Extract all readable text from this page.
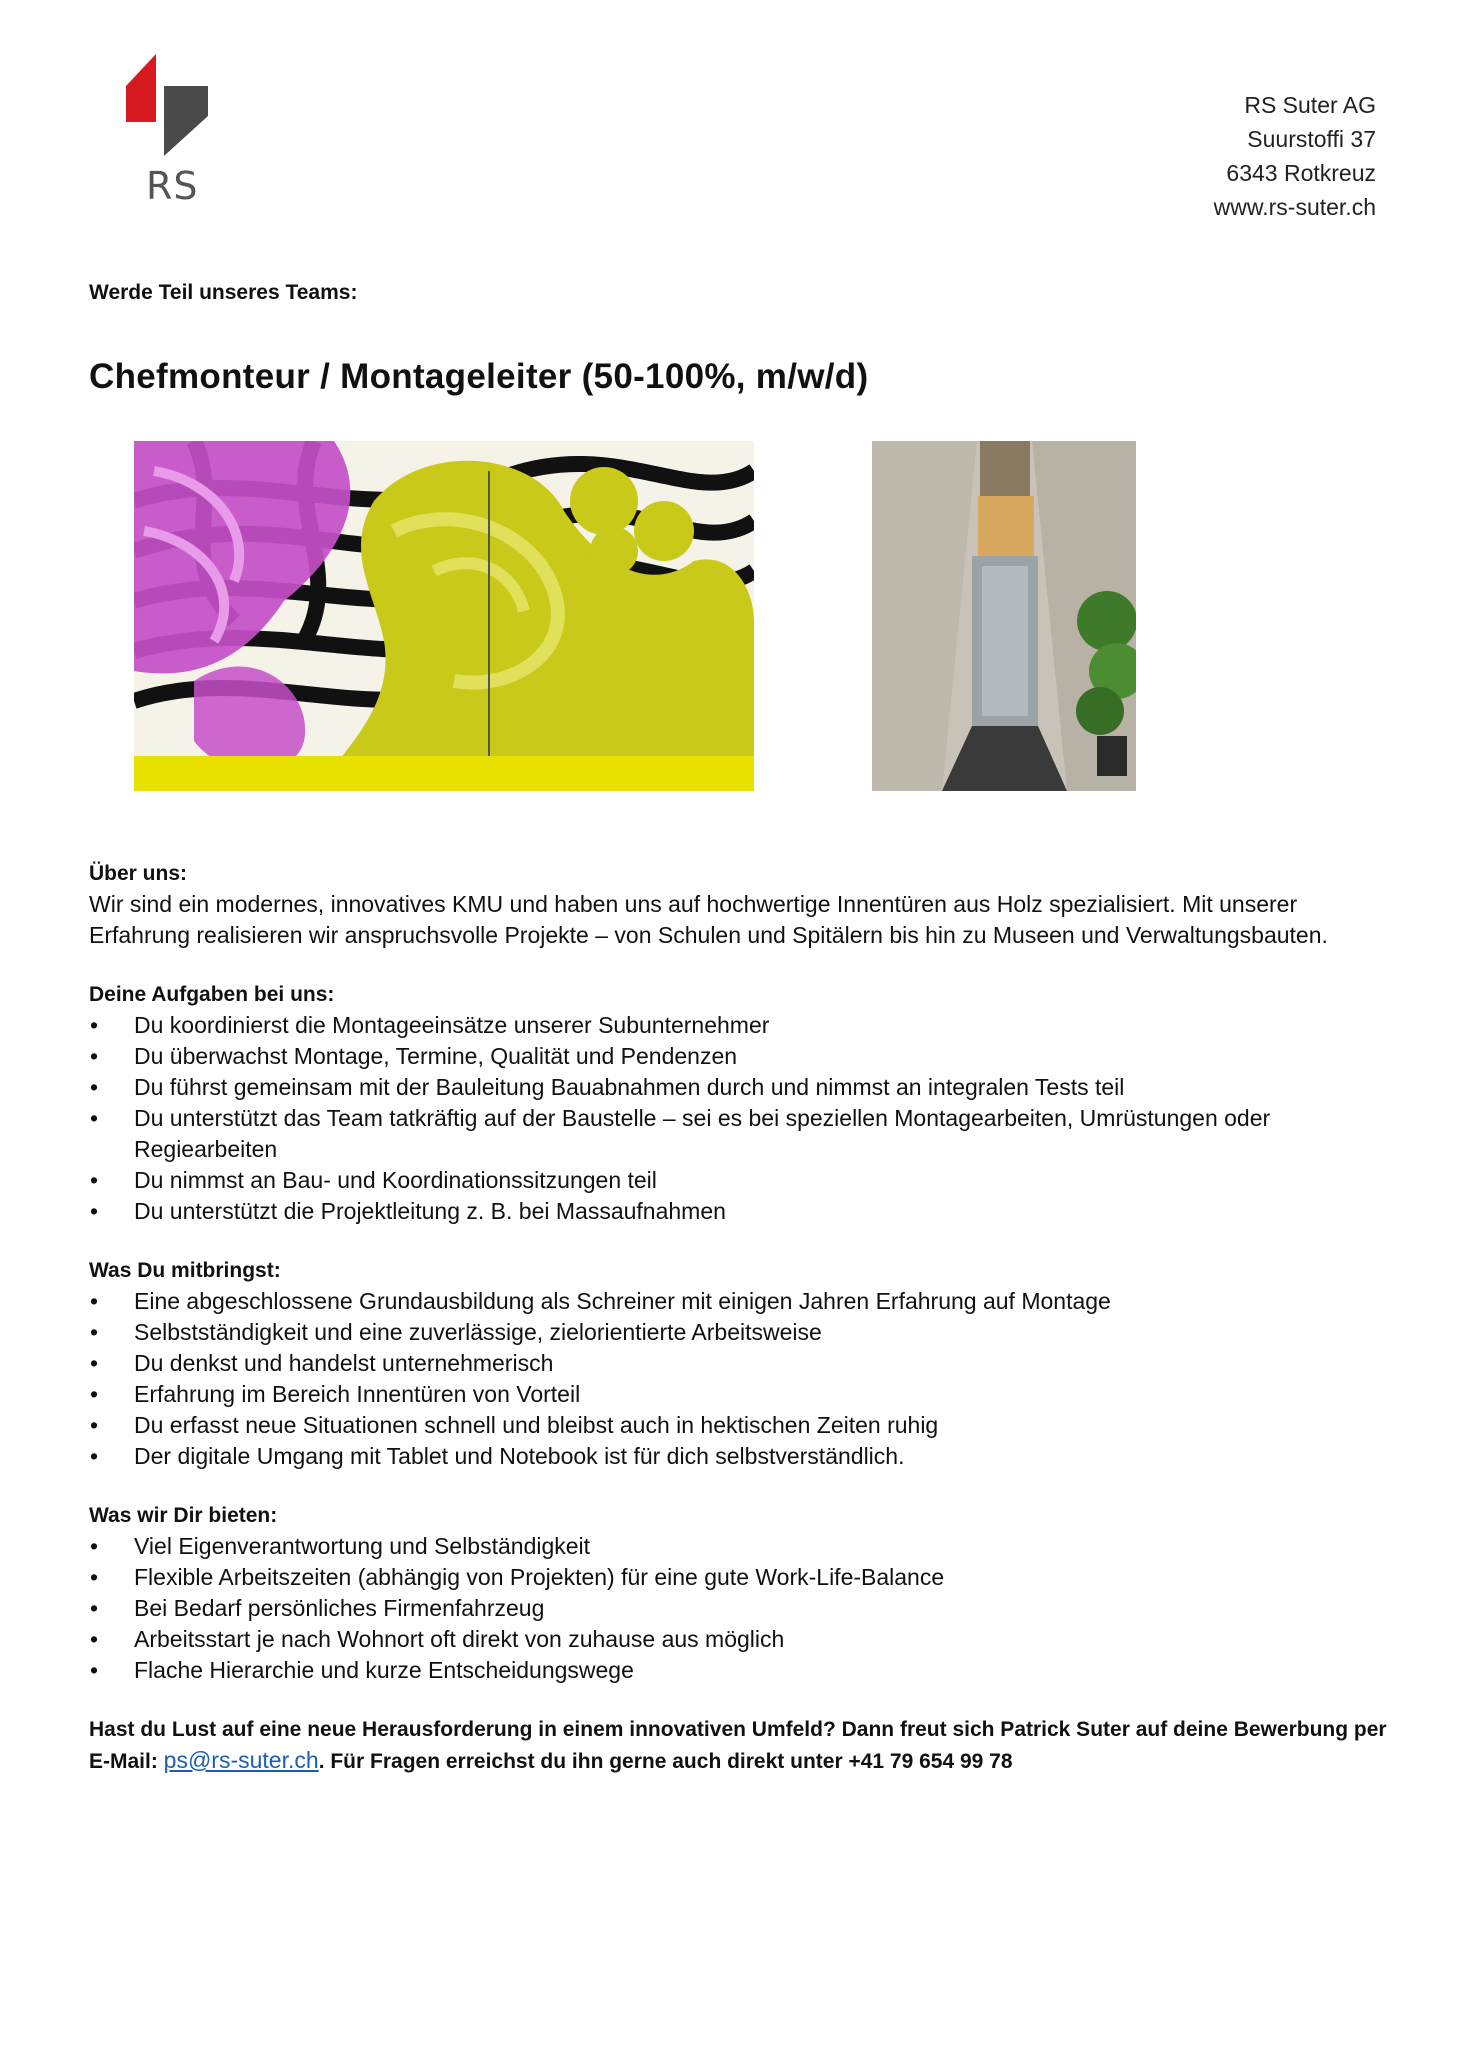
RS
RS Suter AG
Suurstoffi 37
6343 Rotkreuz
www.rs-suter.ch
Werde Teil unseres Teams:
Chefmonteur / Montageleiter (50-100%, m/w/d)
Über uns:

Wir sind ein modernes, innovatives KMU und haben uns auf hochwertige Innentüren aus Holz spezialisiert. Mit unserer Erfahrung realisieren wir anspruchsvolle Projekte – von Schulen und Spitälern bis hin zu Museen und Verwaltungsbauten.

Deine Aufgaben bei uns:
• Du koordinierst die Montageeinsätze unserer Subunternehmer
• Du überwachst Montage, Termine, Qualität und Pendenzen
• Du führst gemeinsam mit der Bauleitung Bauabnahmen durch und nimmst an integralen Tests teil
• Du unterstützt das Team tatkräftig auf der Baustelle – sei es bei speziellen Montagearbeiten, Umrüstungen oder Regiearbeiten
• Du nimmst an Bau- und Koordinationssitzungen teil
• Du unterstützt die Projektleitung z. B. bei Massaufnahmen
Was Du mitbringst:
• Eine abgeschlossene Grundausbildung als Schreiner mit einigen Jahren Erfahrung auf Montage
• Selbstständigkeit und eine zuverlässige, zielorientierte Arbeitsweise
• Du denkst und handelst unternehmerisch
• Erfahrung im Bereich Innentüren von Vorteil
• Du erfasst neue Situationen schnell und bleibst auch in hektischen Zeiten ruhig
• Der digitale Umgang mit Tablet und Notebook ist für dich selbstverständlich.
Was wir Dir bieten:
• Viel Eigenverantwortung und Selbständigkeit
• Flexible Arbeitszeiten (abhängig von Projekten) für eine gute Work-Life-Balance
• Bei Bedarf persönliches Firmenfahrzeug
• Arbeitsstart je nach Wohnort oft direkt von zuhause aus möglich
• Flache Hierarchie und kurze Entscheidungswege
Hast du Lust auf eine neue Herausforderung in einem innovativen Umfeld? Dann freut sich Patrick Suter auf deine Bewerbung per E-Mail: ps@rs-suter.ch. Für Fragen erreichst du ihn gerne auch direkt unter +41 79 654 99 78
